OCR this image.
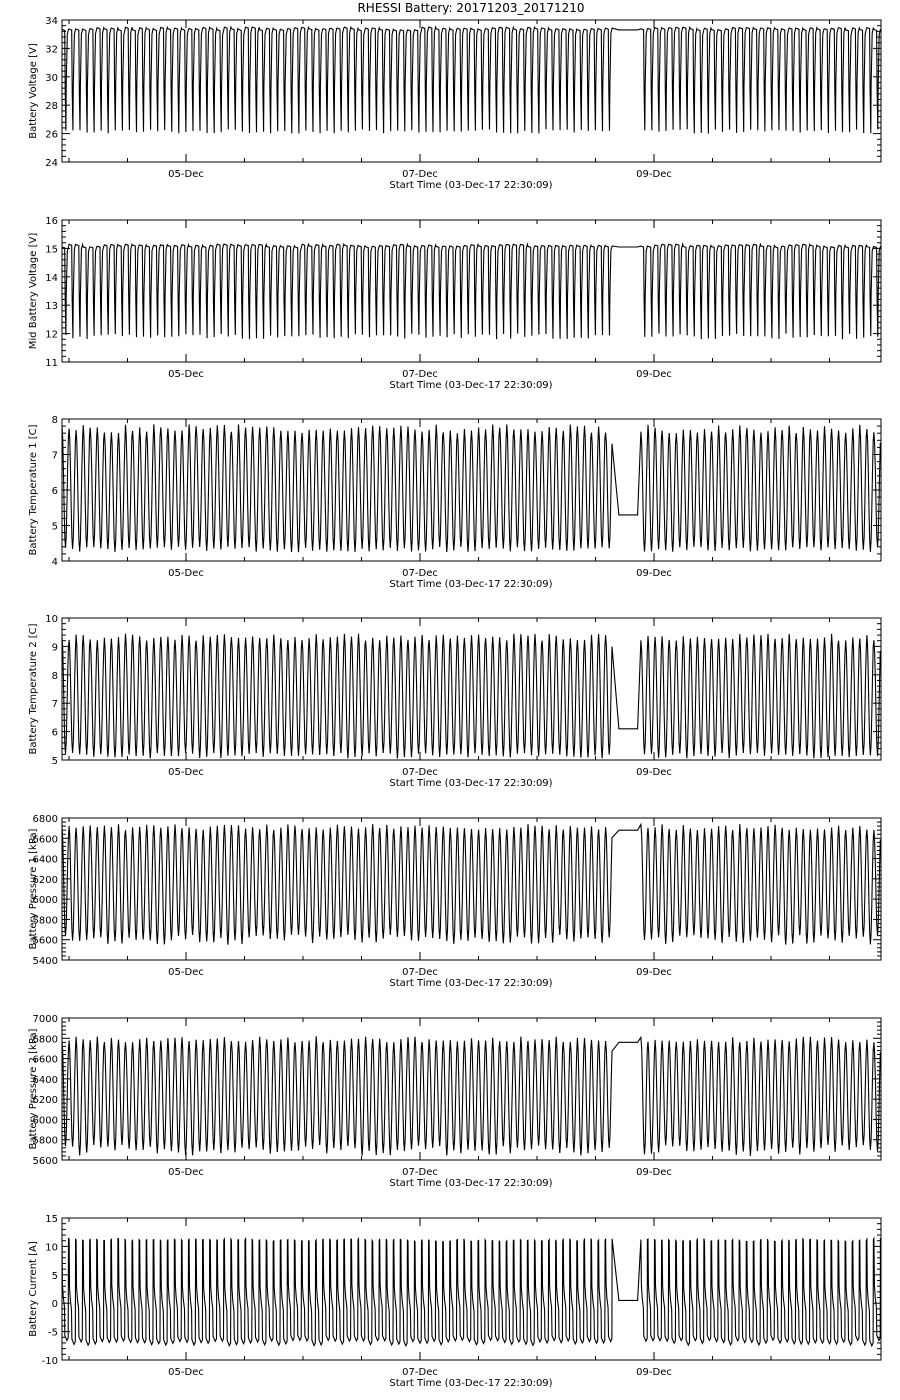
RHESSI Battery: 20171203_20171210
24
26
28
30
32
34
Battery Voltage [V]
05-Dec	07-Dec	09-Dec
Start Time (03-Dec-17 22:30:09)
11
12
13
14
15
16
Mid Battery Voltage [V]
05-Dec	07-Dec	09-Dec
Start Time (03-Dec-17 22:30:09)
4
5
6
7
8
Battery Temperature 1 [C]
05-Dec	07-Dec	09-Dec
Start Time (03-Dec-17 22:30:09)
5
6
7
8
9
10
Battery Temperature 2 [C]
05-Dec	07-Dec	09-Dec
Start Time (03-Dec-17 22:30:09)
5400
5600
5800
6000
6200
6400
6600
6800
Battery Pressure 1 [kPa]
05-Dec	07-Dec	09-Dec
Start Time (03-Dec-17 22:30:09)
5600
5800
6000
6200
6400
6600
6800
7000
Battery Pressure 2 [kPa]
05-Dec	07-Dec	09-Dec
Start Time (03-Dec-17 22:30:09)
-10
-5
0
5
10
15
Battery Current [A]
05-Dec	07-Dec	09-Dec
Start Time (03-Dec-17 22:30:09)
